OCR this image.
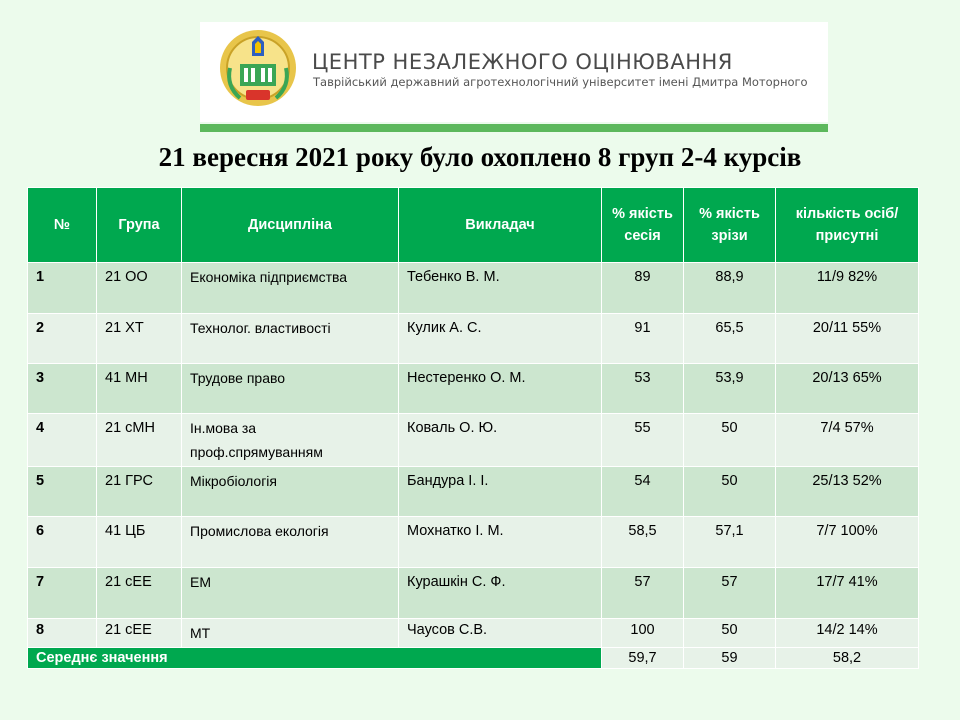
ЦЕНТР НЕЗАЛЕЖНОГО ОЦІНЮВАННЯ
Таврійський державний агротехнологічний університет імені Дмитра Моторного
21 вересня 2021 року було охоплено 8 груп 2-4 курсів
№	Група	Дисципліна	Викладач	% якість сесія	% якість зрізи	кількість осіб/присутні
1	21 ОО	Економіка підприємства	Тебенко В. М.	89	88,9	11/9 82%
2	21 ХТ	Технолог. властивості	Кулик А. С.	91	65,5	20/11 55%
3	41 МН	Трудове право	Нестеренко О. М.	53	53,9	20/13 65%
4	21 сМН	Ін.мова за проф.спрямуванням	Коваль О. Ю.	55	50	7/4 57%
5	21 ГРС	Мікробіологія	Бандура І. І.	54	50	25/13 52%
6	41 ЦБ	Промислова екологія	Мохнатко І. М.	58,5	57,1	7/7 100%
7	21 сЕЕ	ЕМ	Курашкін С. Ф.	57	57	17/7 41%
8	21 сЕЕ	МТ	Чаусов С.В.	100	50	14/2 14%
Середнє значення				59,7	59	58,2
